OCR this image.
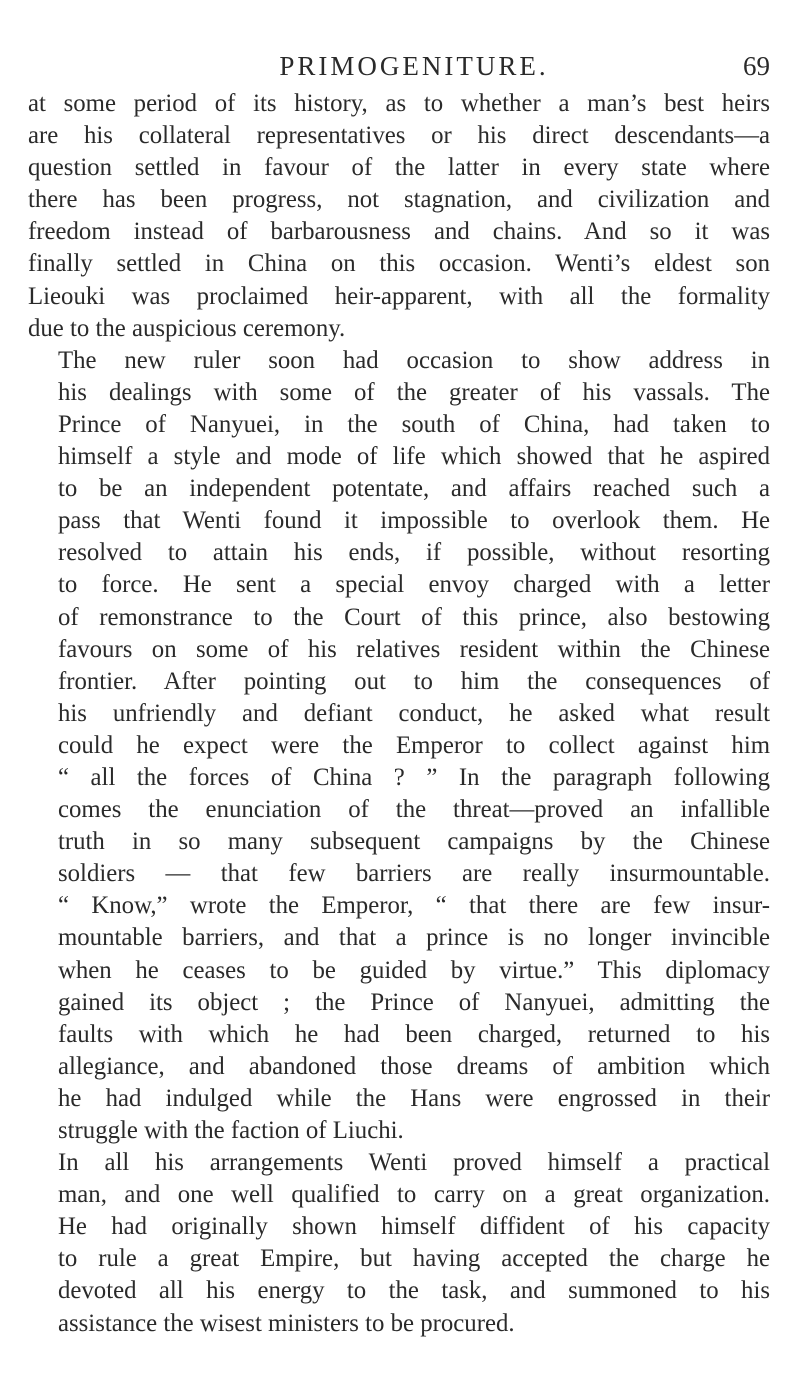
PRIMOGENITURE.	69
at some period of its history, as to whether a man’s best heirs
are his collateral representatives or his direct descendants—a
question settled in favour of the latter in every state where
there has been progress, not stagnation, and civilization and
freedom instead of barbarousness and chains. And so it was
finally settled in China on this occasion. Wenti’s eldest son
Lieouki was proclaimed heir-apparent, with all the formality
due to the auspicious ceremony.
The new ruler soon had occasion to show address in
his dealings with some of the greater of his vassals. The
Prince of Nanyuei, in the south of China, had taken to
himself a style and mode of life which showed that he aspired
to be an independent potentate, and affairs reached such a
pass that Wenti found it impossible to overlook them. He
resolved to attain his ends, if possible, without resorting
to force. He sent a special envoy charged with a letter
of remonstrance to the Court of this prince, also bestowing
favours on some of his relatives resident within the Chinese
frontier. After pointing out to him the consequences of
his unfriendly and defiant conduct, he asked what result
could he expect were the Emperor to collect against him
“ all the forces of China ? ” In the paragraph following
comes the enunciation of the threat—proved an infallible
truth in so many subsequent campaigns by the Chinese
soldiers — that few barriers are really insurmountable.
“ Know,” wrote the Emperor, “ that there are few insur-
mountable barriers, and that a prince is no longer invincible
when he ceases to be guided by virtue.” This diplomacy
gained its object ; the Prince of Nanyuei, admitting the
faults with which he had been charged, returned to his
allegiance, and abandoned those dreams of ambition which
he had indulged while the Hans were engrossed in their
struggle with the faction of Liuchi.
In all his arrangements Wenti proved himself a practical
man, and one well qualified to carry on a great organization.
He had originally shown himself diffident of his capacity
to rule a great Empire, but having accepted the charge he
devoted all his energy to the task, and summoned to his
assistance the wisest ministers to be procured.
